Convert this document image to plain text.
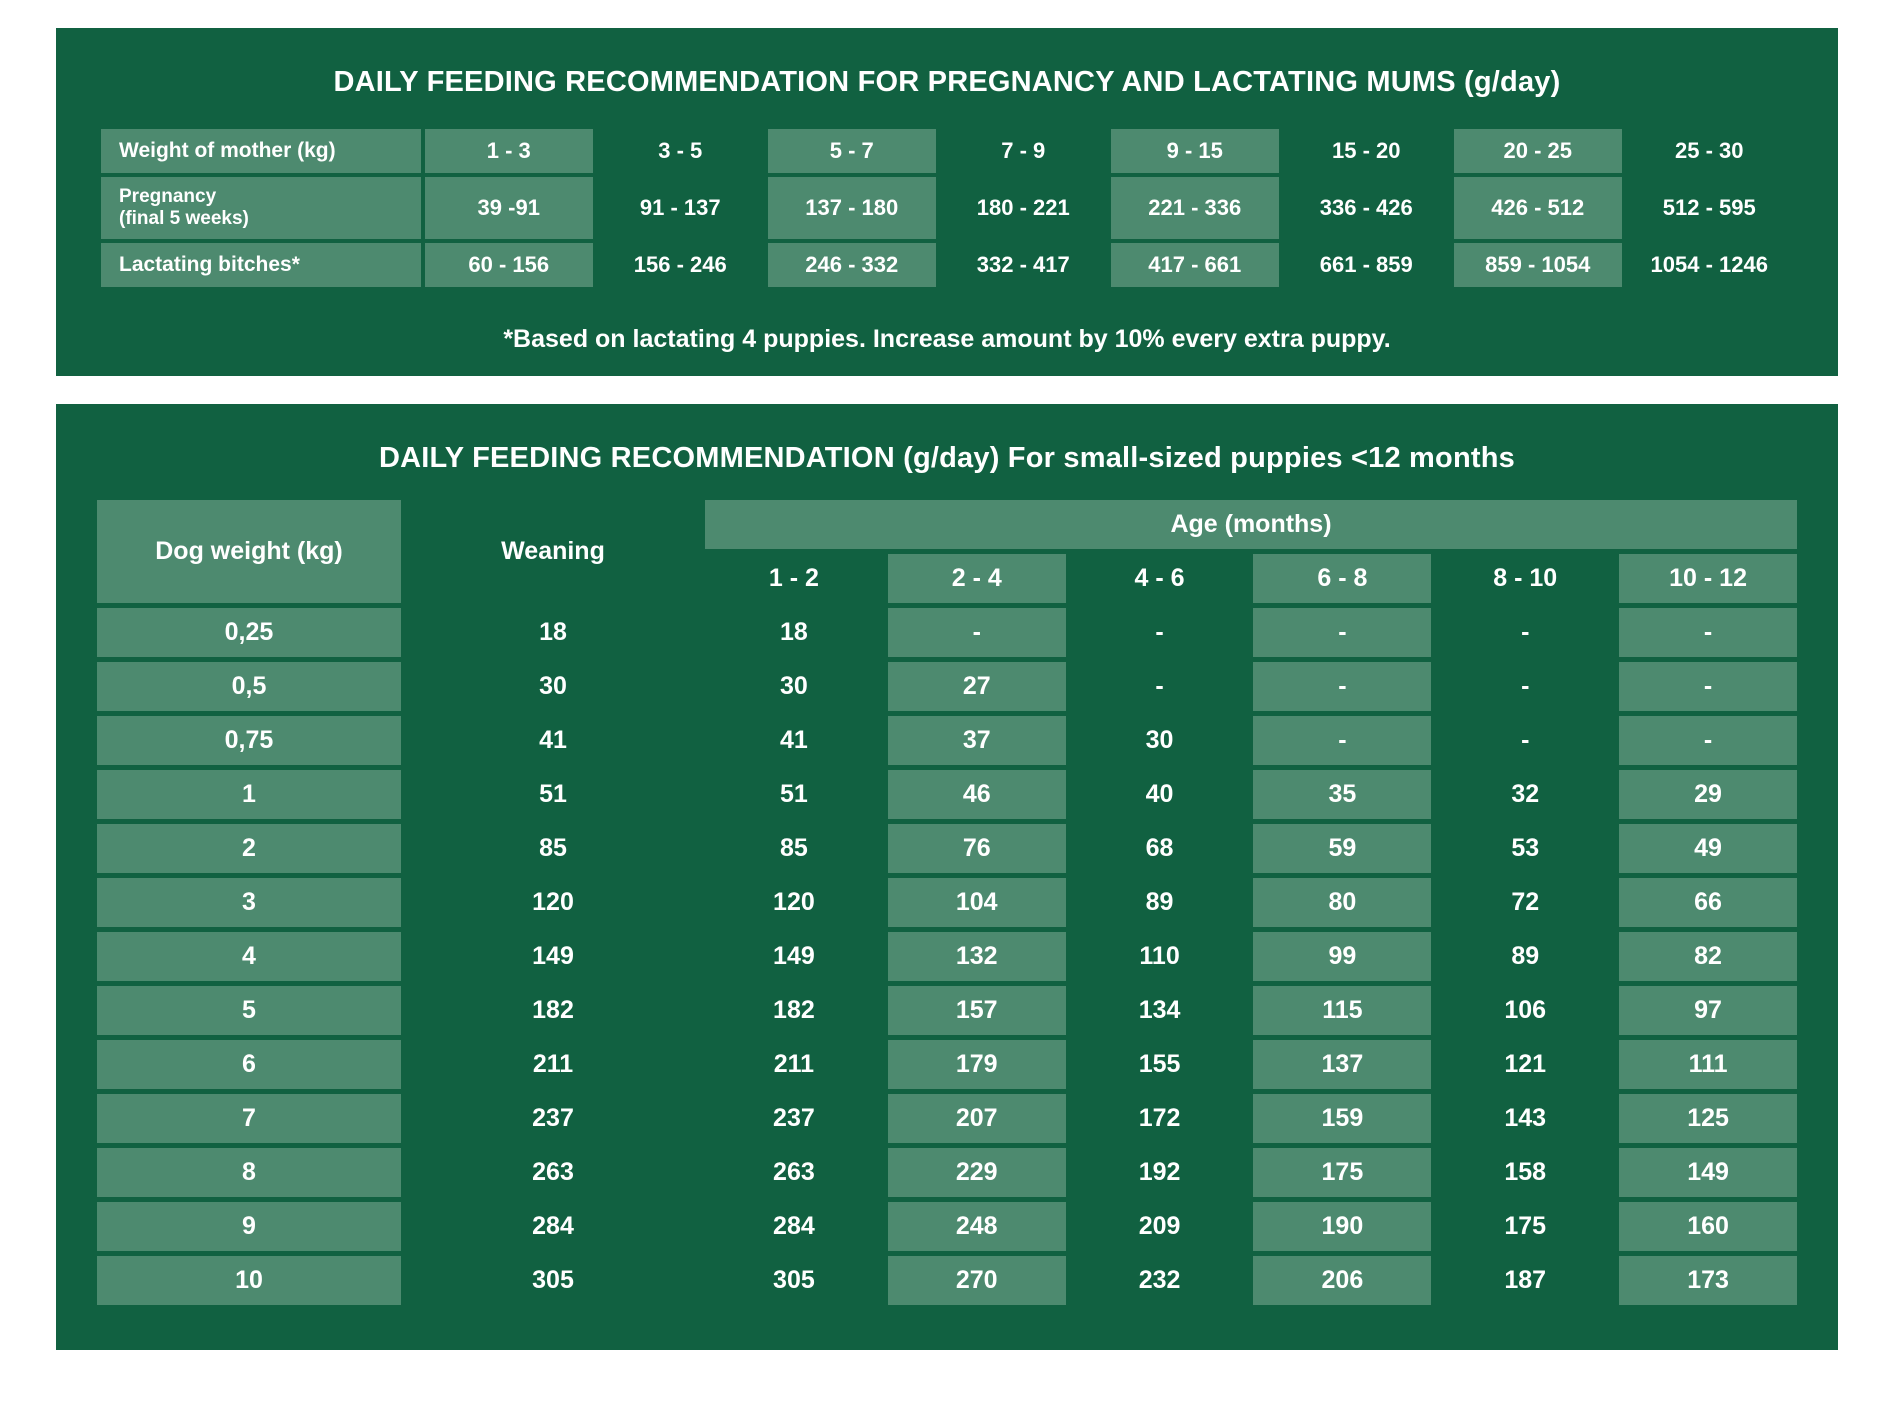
DAILY FEEDING RECOMMENDATION FOR PREGNANCY AND LACTATING MUMS (g/day)
Weight of mother (kg)	1 - 3	3 - 5	5 - 7	7 - 9	9 - 15	15 - 20	20 - 25	25 - 30

Pregnancy
(final 5 weeks)	39 -91	91 - 137	137 - 180	180 - 221	221 - 336	336 - 426	426 - 512	512 - 595
Lactating bitches*	60 - 156	156 - 246	246 - 332	332 - 417	417 - 661	661 - 859	859 - 1054	1054 - 1246
*Based on lactating 4 puppies. Increase amount by 10% every extra puppy.
DAILY FEEDING RECOMMENDATION (g/day) For small-sized puppies <12 months
Dog weight (kg)	Weaning	Age (months)					
		1 - 2	2 - 4	4 - 6	6 - 8	8 - 10	10 - 12
0,25	18	18	-	-	-	-	-
0,5	30	30	27	-	-	-	-
0,75	41	41	37	30	-	-	-
1	51	51	46	40	35	32	29
2	85	85	76	68	59	53	49
3	120	120	104	89	80	72	66
4	149	149	132	110	99	89	82
5	182	182	157	134	115	106	97
6	211	211	179	155	137	121	111
7	237	237	207	172	159	143	125
8	263	263	229	192	175	158	149
9	284	284	248	209	190	175	160
10	305	305	270	232	206	187	173
